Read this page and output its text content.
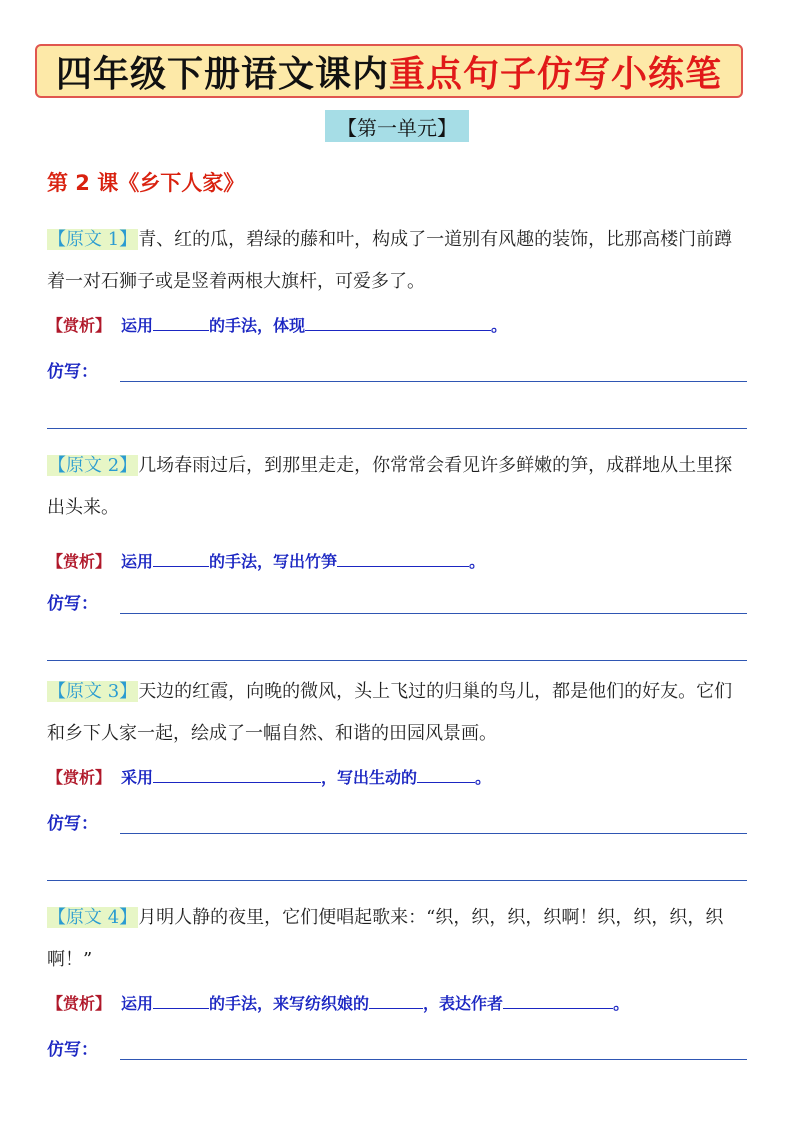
四年级下册语文课内 重点句子仿写小练笔
【第一单元】
第 2 课《乡下人家》

【原文 1】青、红的瓜，碧绿的藤和叶，构成了一道别有风趣的装饰，比那高楼门前蹲着一对石狮子或是竖着两根大旗杆，可爱多了。

【赏析】 运用	的手法，体现	。
仿写：

【原文 2】几场春雨过后，到那里走走，你常常会看见许多鲜嫩的笋，成群地从土里探出头来。

【赏析】 运用	的手法，写出竹笋	。
仿写：

【原文 3】天边的红霞，向晚的微风，头上飞过的归巢的鸟儿，都是他们的好友。它们和乡下人家一起，绘成了一幅自然、和谐的田园风景画。

【赏析】 采用	，写出生动的	。
仿写：

【原文 4】月明人静的夜里，它们便唱起歌来：“织，织，织，织啊！织，织，织，织啊！”

【赏析】 运用	的手法，来写纺织娘的	，表达作者	。
仿写：
